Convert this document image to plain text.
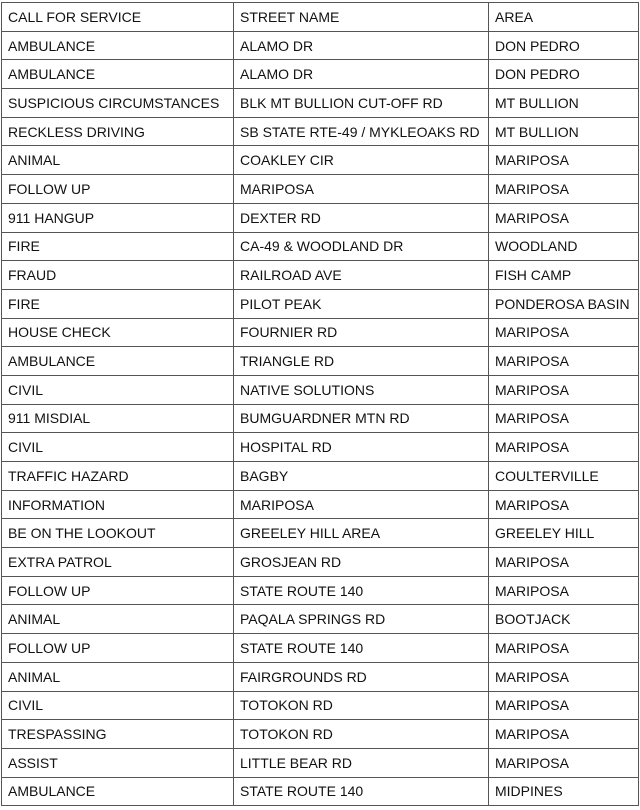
CALL FOR SERVICE	STREET NAME	AREA
AMBULANCE	ALAMO DR	DON PEDRO
AMBULANCE	ALAMO DR	DON PEDRO
SUSPICIOUS CIRCUMSTANCES	BLK MT BULLION CUT-OFF RD	MT BULLION
RECKLESS DRIVING	SB STATE RTE-49 / MYKLEOAKS RD	MT BULLION
ANIMAL	COAKLEY CIR	MARIPOSA
FOLLOW UP	MARIPOSA	MARIPOSA
911 HANGUP	DEXTER RD	MARIPOSA
FIRE	CA-49 & WOODLAND DR	WOODLAND
FRAUD	RAILROAD AVE	FISH CAMP
FIRE	PILOT PEAK	PONDEROSA BASIN
HOUSE CHECK	FOURNIER RD	MARIPOSA
AMBULANCE	TRIANGLE RD	MARIPOSA
CIVIL	NATIVE SOLUTIONS	MARIPOSA
911 MISDIAL	BUMGUARDNER MTN RD	MARIPOSA
CIVIL	HOSPITAL RD	MARIPOSA
TRAFFIC HAZARD	BAGBY	COULTERVILLE
INFORMATION	MARIPOSA	MARIPOSA
BE ON THE LOOKOUT	GREELEY HILL AREA	GREELEY HILL
EXTRA PATROL	GROSJEAN RD	MARIPOSA
FOLLOW UP	STATE ROUTE 140	MARIPOSA
ANIMAL	PAQALA SPRINGS RD	BOOTJACK
FOLLOW UP	STATE ROUTE 140	MARIPOSA
ANIMAL	FAIRGROUNDS RD	MARIPOSA
CIVIL	TOTOKON RD	MARIPOSA
TRESPASSING	TOTOKON RD	MARIPOSA
ASSIST	LITTLE BEAR RD	MARIPOSA
AMBULANCE	STATE ROUTE 140	MIDPINES
